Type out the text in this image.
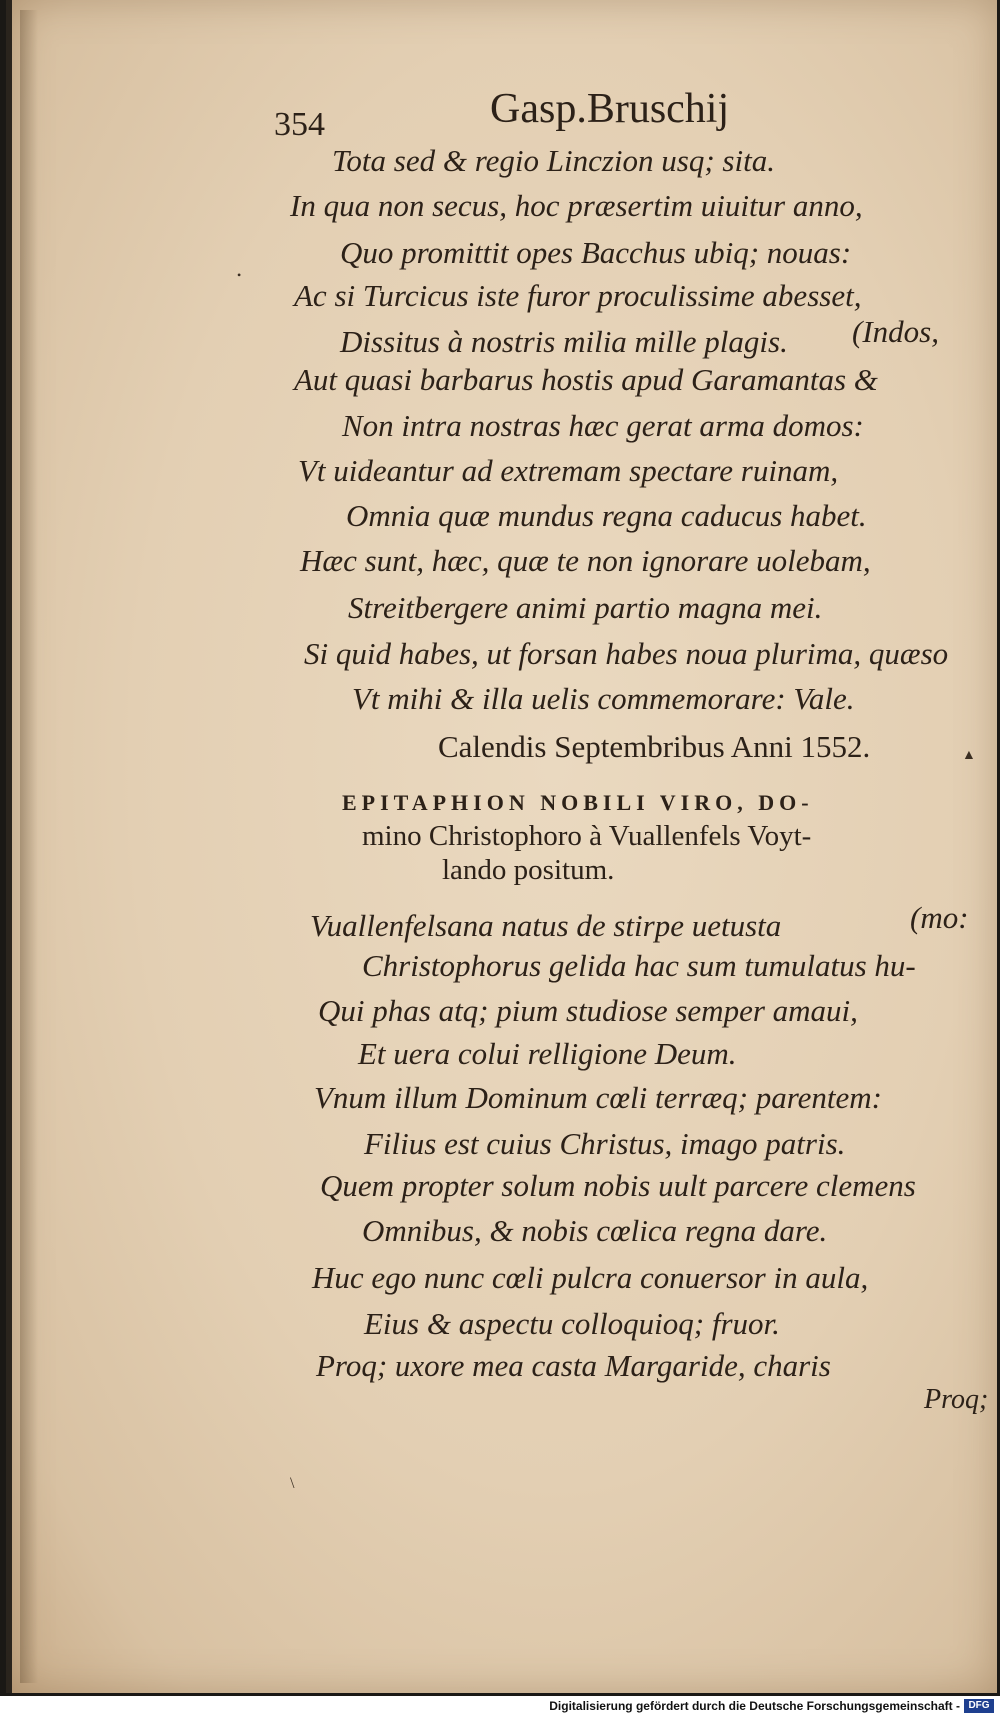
354	Gasp.Bruschij
Tota sed & regio Linczion usq; sita.
In qua non secus, hoc præsertim uiuitur anno,
Quo promittit opes Bacchus ubiq; nouas:
Ac si Turcicus iste furor proculissime abesset,
Dissitus à nostris milia mille plagis. (Indos,
Aut quasi barbarus hostis apud Garamantas &
Non intra nostras hæc gerat arma domos:
Vt uideantur ad extremam spectare ruinam,
Omnia quæ mundus regna caducus habet.
Hæc sunt, hæc, quæ te non ignorare uolebam,
Streitbergere animi partio magna mei.
Si quid habes, ut forsan habes noua plurima, quæso
Vt mihi & illa uelis commemorare: Vale.
Calendis Septembribus Anni 1552.
EPITAPHION NOBILI VIRO, DO-
mino Christophoro à Vuallenfels Voyt-
lando positum.
Vuallenfelsana natus de stirpe uetusta	(mo:
Christophorus gelida hac sum tumulatus hu-
Qui phas atq; pium studiose semper amaui,
Et uera colui relligione Deum.
Vnum illum Dominum cœli terræq; parentem:
Filius est cuius Christus, imago patris.
Quem propter solum nobis uult parcere clemens
Omnibus, & nobis cœlica regna dare.
Huc ego nunc cœli pulcra conuersor in aula,
Eius & aspectu colloquioq; fruor.
Proq; uxore mea casta Margaride, charis
Proq;
▲
•
\
Digitalisierung gefördert durch die Deutsche Forschungsgemeinschaft - DFG
